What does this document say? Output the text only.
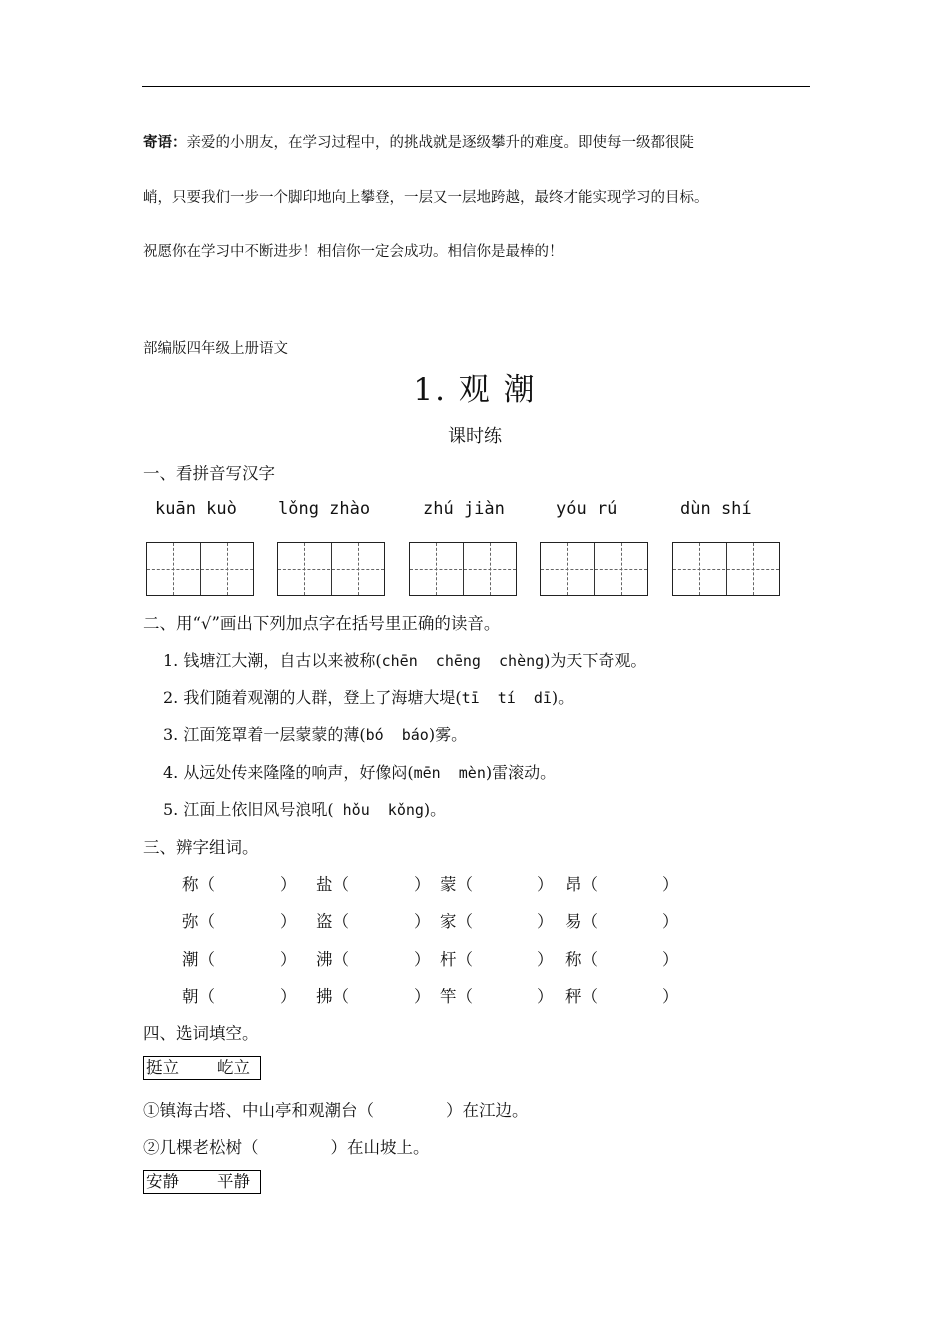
寄语：亲爱的小朋友，在学习过程中，的挑战就是逐级攀升的难度。即使每一级都很陡
峭，只要我们一步一个脚印地向上攀登，一层又一层地跨越，最终才能实现学习的目标。
祝愿你在学习中不断进步！相信你一定会成功。相信你是最棒的！
部编版四年级上册语文
1. 观 潮
课时练
一、看拼音写汉字
kuān kuò lǒng zhào	zhú jiàn	yóu rú	dùn shí
二、用“√”画出下列加点字在括号里正确的读音。
1. 钱塘江大潮，自古以来被称(chēn  chēng  chèng)为天下奇观。
2. 我们随着观潮的人群，登上了海塘大堤(tī  tí  dī)。
3. 江面笼罩着一层蒙蒙的薄(bó  báo)雾。
4. 从远处传来隆隆的响声，好像闷(mēn  mèn)雷滚动。
5. 江面上依旧风号浪吼( hǒu  kǒng)。
三、辨字组词。
称（	） 盐（	） 蒙（	） 昂（	）
弥（	） 盗（	） 家（	） 易（	）
潮（	） 沸（	） 杆（	） 称（	）
朝（	） 拂（	） 竿（	） 秤（	）
四、选词填空。
挺立 屹立
①镇海古塔、中山亭和观潮台（	）在江边。
②几棵老松树（	）在山坡上。
安静 平静
